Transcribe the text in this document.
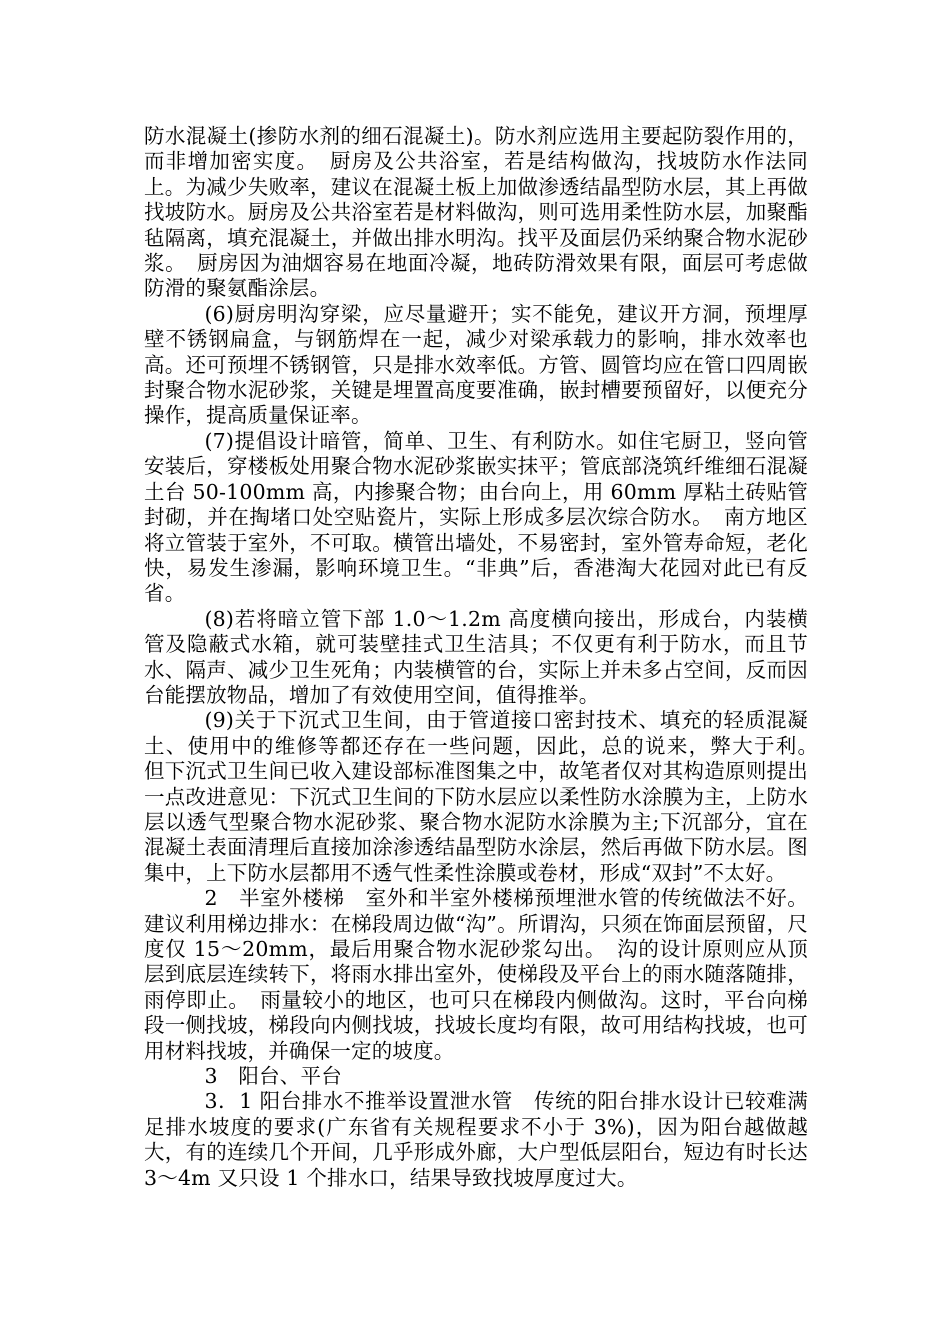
防水混凝土(掺防水剂的细石混凝土)。防水剂应选用主要起防裂作用的，而非增加密实度。　厨房及公共浴室，若是结构做沟，找坡防水作法同上。为减少失败率，建议在混凝土板上加做渗透结晶型防水层，其上再做找坡防水。厨房及公共浴室若是材料做沟，则可选用柔性防水层，加聚酯毡隔离，填充混凝土，并做出排水明沟。找平及面层仍采纳聚合物水泥砂浆。　厨房因为油烟容易在地面冷凝，地砖防滑效果有限，面层可考虑做防滑的聚氨酯涂层。

(6)厨房明沟穿梁，应尽量避开；实不能免，建议开方洞，预埋厚壁不锈钢扁盒，与钢筋焊在一起，减少对梁承载力的影响，排水效率也高。还可预埋不锈钢管，只是排水效率低。方管、圆管均应在管口四周嵌封聚合物水泥砂浆，关键是埋置高度要准确，嵌封槽要预留好，以便充分操作，提高质量保证率。

(7)提倡设计暗管，简单、卫生、有利防水。如住宅厨卫，竖向管安装后，穿楼板处用聚合物水泥砂浆嵌实抹平；管底部浇筑纤维细石混凝土台 50-100mm 高，内掺聚合物；由台向上，用 60mm 厚粘土砖贴管封砌，并在掏堵口处空贴瓷片，实际上形成多层次综合防水。　南方地区将立管装于室外，不可取。横管出墙处，不易密封，室外管寿命短，老化快，易发生渗漏，影响环境卫生。“非典”后，香港淘大花园对此已有反省。

(8)若将暗立管下部 1.0～1.2m 高度横向接出，形成台，内装横管及隐蔽式水箱，就可装壁挂式卫生洁具；不仅更有利于防水，而且节水、隔声、减少卫生死角；内装横管的台，实际上并未多占空间，反而因台能摆放物品，增加了有效使用空间，值得推举。

(9)关于下沉式卫生间，由于管道接口密封技术、填充的轻质混凝土、使用中的维修等都还存在一些问题，因此，总的说来，弊大于利。　但下沉式卫生间已收入建设部标准图集之中，故笔者仅对其构造原则提出一点改进意见：下沉式卫生间的下防水层应以柔性防水涂膜为主，上防水层以透气型聚合物水泥砂浆、聚合物水泥防水涂膜为主;下沉部分，宜在混凝土表面清理后直接加涂渗透结晶型防水涂层，然后再做下防水层。图集中，上下防水层都用不透气性柔性涂膜或卷材，形成“双封”不太好。

2　半室外楼梯　室外和半室外楼梯预埋泄水管的传统做法不好。建议利用梯边排水：在梯段周边做“沟”。所谓沟，只须在饰面层预留，尺度仅 15～20mm，最后用聚合物水泥砂浆勾出。　沟的设计原则应从顶层到底层连续转下，将雨水排出室外，使梯段及平台上的雨水随落随排，雨停即止。　雨量较小的地区，也可只在梯段内侧做沟。这时，平台向梯段一侧找坡，梯段向内侧找坡，找坡长度均有限，故可用结构找坡，也可用材料找坡，并确保一定的坡度。

3　阳台、平台

3．1 阳台排水不推举设置泄水管　传统的阳台排水设计已较难满足排水坡度的要求(广东省有关规程要求不小于 3%)，因为阳台越做越大，有的连续几个开间，几乎形成外廊，大户型低层阳台，短边有时长达 3～4m 又只设 1 个排水口，结果导致找坡厚度过大。
